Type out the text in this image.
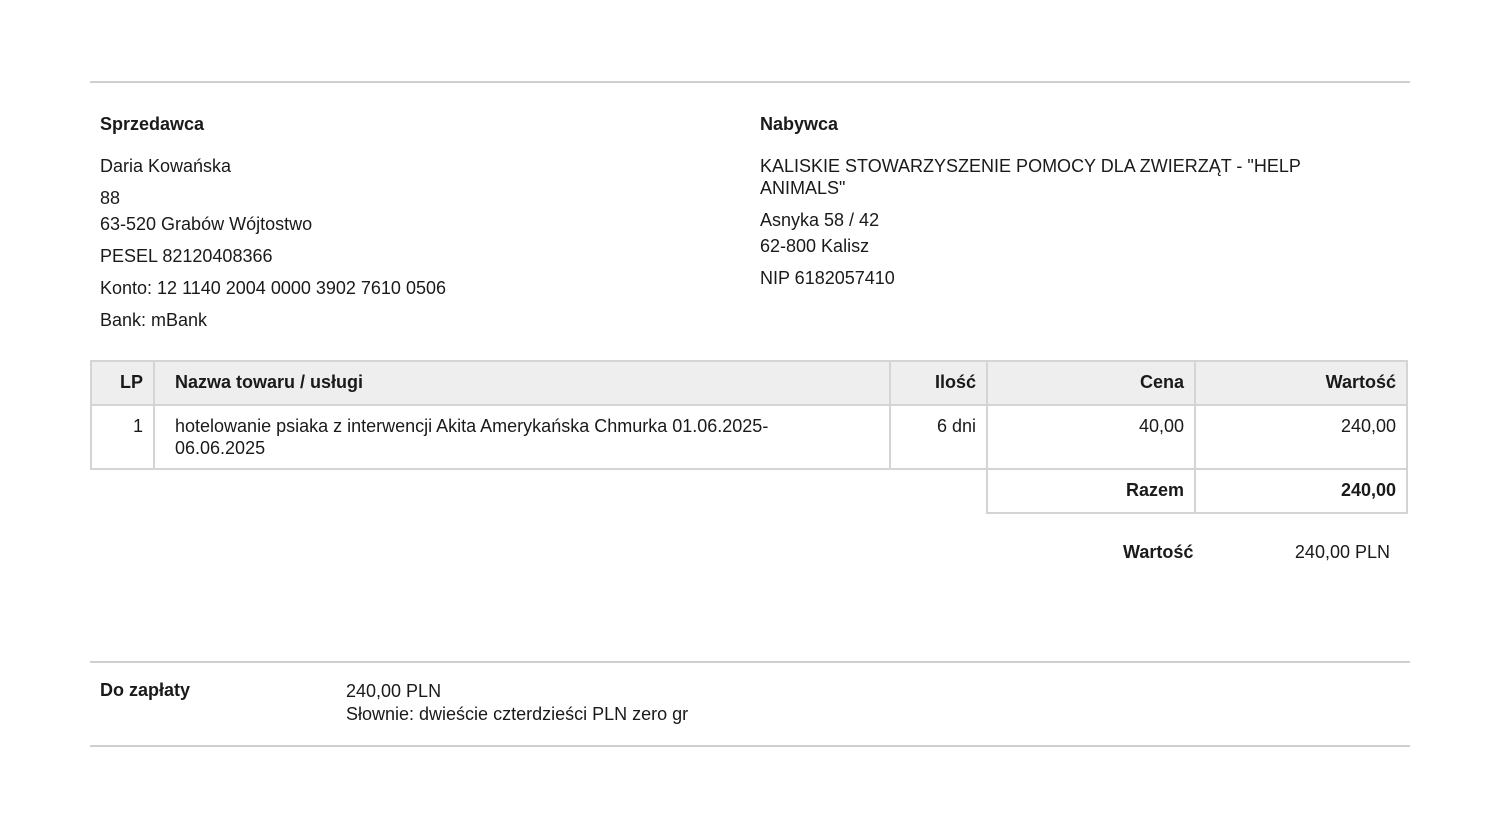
Sprzedawca
Daria Kowańska
88
63-520 Grabów Wójtostwo
PESEL 82120408366
Konto: 12 1140 2004 0000 3902 7610 0506
Bank: mBank
Nabywca
KALISKIE STOWARZYSZENIE POMOCY DLA ZWIERZĄT - "HELP ANIMALS"
Asnyka 58 / 42
62-800 Kalisz
NIP 6182057410
LP	Nazwa towaru / usługi	Ilość	Cena	Wartość
1	hotelowanie psiaka z interwencji Akita Amerykańska Chmurka 01.06.2025-06.06.2025	6 dni	40,00	240,00
			Razem	240,00
Wartość	240,00 PLN
Do zapłaty	240,00 PLN
Słownie: dwieście czterdzieści PLN zero gr
